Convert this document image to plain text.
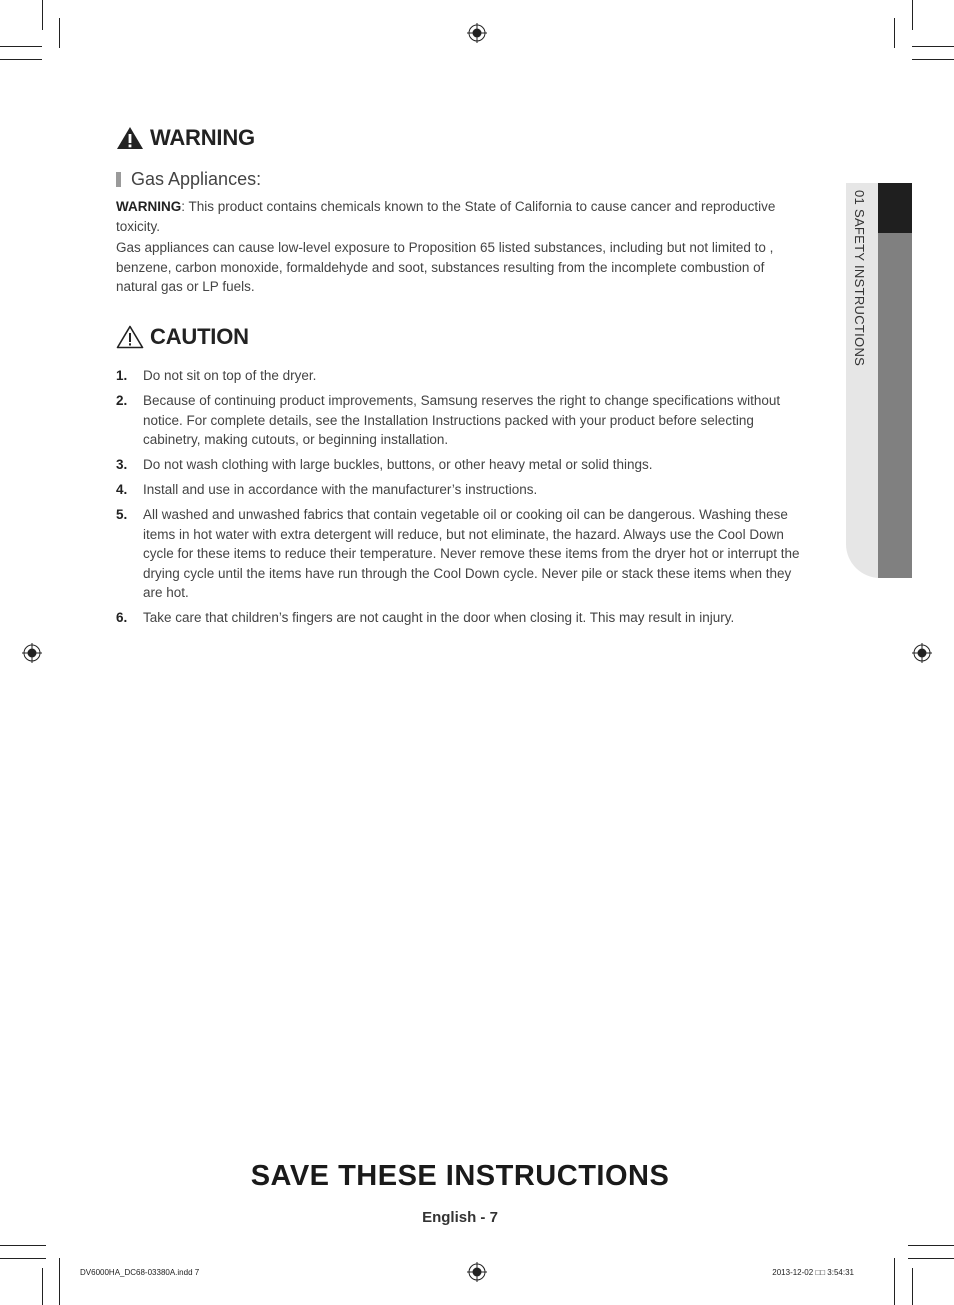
01 SAFETY INSTRUCTIONS
WARNING
Gas Appliances:

WARNING: This product contains chemicals known to the State of California to cause cancer and reproductive toxicity.

Gas appliances can cause low-level exposure to Proposition 65 listed substances, including but not limited to , benzene, carbon monoxide, formaldehyde and soot, substances resulting from the incomplete combustion of natural gas or LP fuels.

CAUTION
1.	Do not sit on top of the dryer.
2.	Because of continuing product improvements, Samsung reserves the right to change specifications without notice. For complete details, see the Installation Instructions packed with your product before selecting cabinetry, making cutouts, or beginning installation.
3.	Do not wash clothing with large buckles, buttons, or other heavy metal or solid things.
4.	Install and use in accordance with the manufacturer’s instructions.
5.	All washed and unwashed fabrics that contain vegetable oil or cooking oil can be dangerous. Washing these items in hot water with extra detergent will reduce, but not eliminate, the hazard. Always use the Cool Down cycle for these items to reduce their temperature. Never remove these items from the dryer hot or interrupt the drying cycle until the items have run through the Cool Down cycle. Never pile or stack these items when they are hot.
6.	Take care that children’s fingers are not caught in the door when closing it. This may result in injury.
SAVE THESE INSTRUCTIONS
English - 7
DV6000HA_DC68-03380A.indd 7	2013-12-02 □□ 3:54:31
